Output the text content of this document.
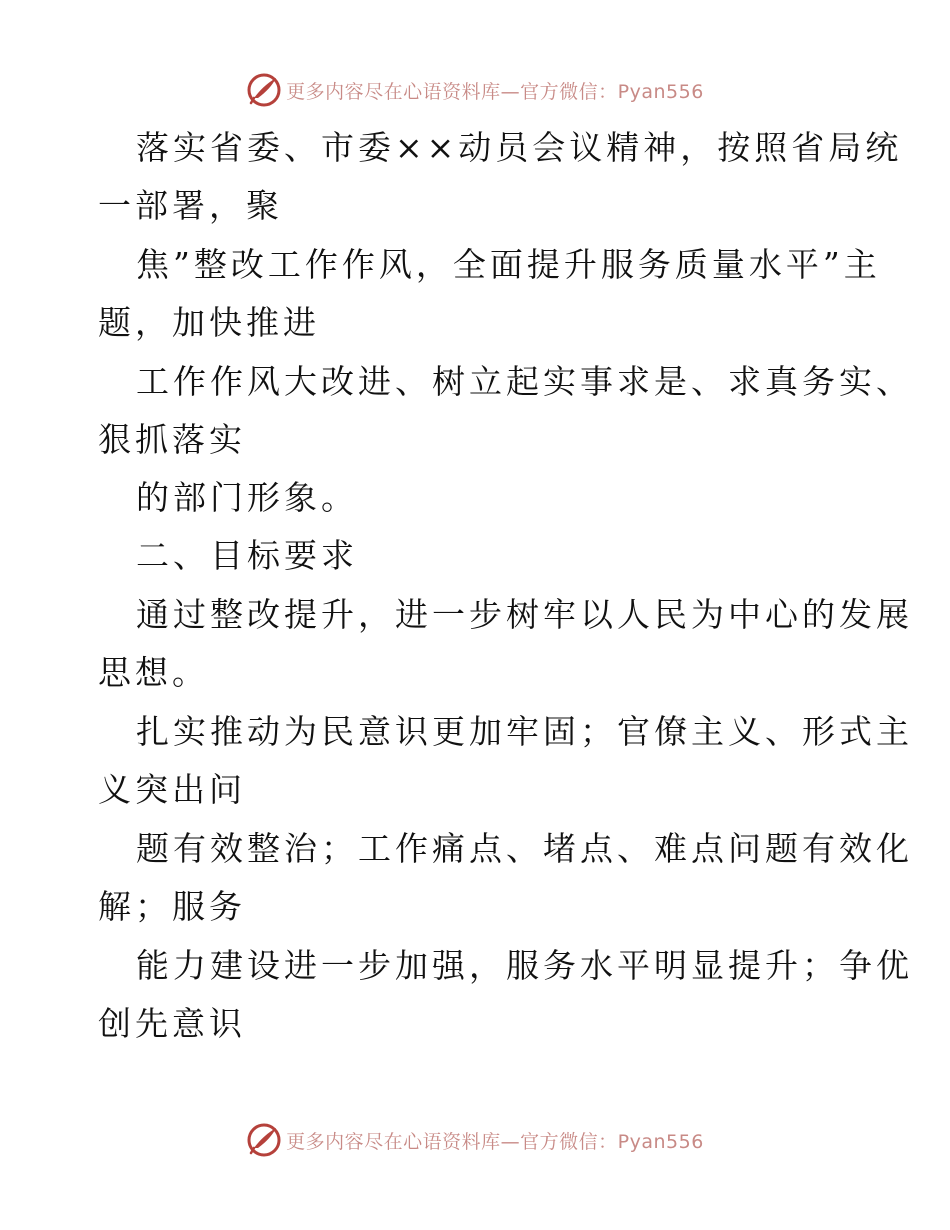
更多内容尽在心语资料库—官方微信：Pyan556
落实省委、市委××动员会议精神，按照省局统
一部署，聚
焦”整改工作作风，全面提升服务质量水平”主
题，加快推进
工作作风大改进、树立起实事求是、求真务实、
狠抓落实
的部门形象。
二、目标要求
通过整改提升，进一步树牢以人民为中心的发展
思想。
扎实推动为民意识更加牢固；官僚主义、形式主
义突出问
题有效整治；工作痛点、堵点、难点问题有效化
解；服务
能力建设进一步加强，服务水平明显提升；争优
创先意识
更多内容尽在心语资料库—官方微信：Pyan556
